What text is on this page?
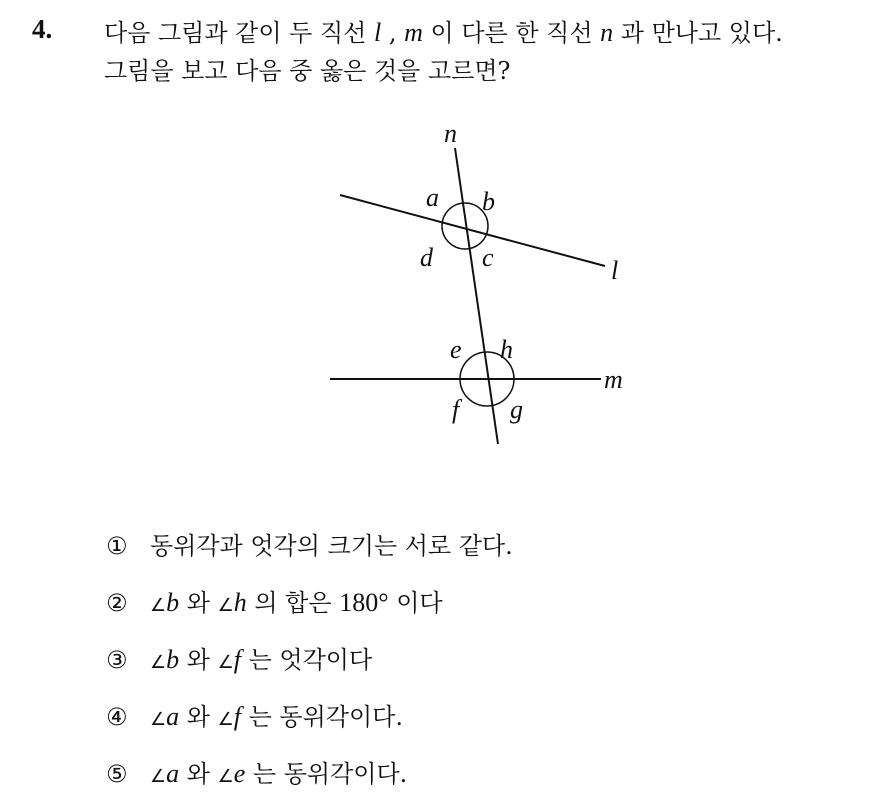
4. 다음 그림과 같이 두 직선 l , m 이 다른 한 직선 n 과 만나고 있다.
그림을 보고 다음 중 옳은 것을 고르면?
n
l
m
a b
c
d
e h
f g
① 동위각과 엇각의 크기는 서로 같다.
② ∠b 와 ∠h 의 합은 180° 이다
③ ∠b 와 ∠f 는 엇각이다
④ ∠a 와 ∠f 는 동위각이다.
⑤ ∠a 와 ∠e 는 동위각이다.
